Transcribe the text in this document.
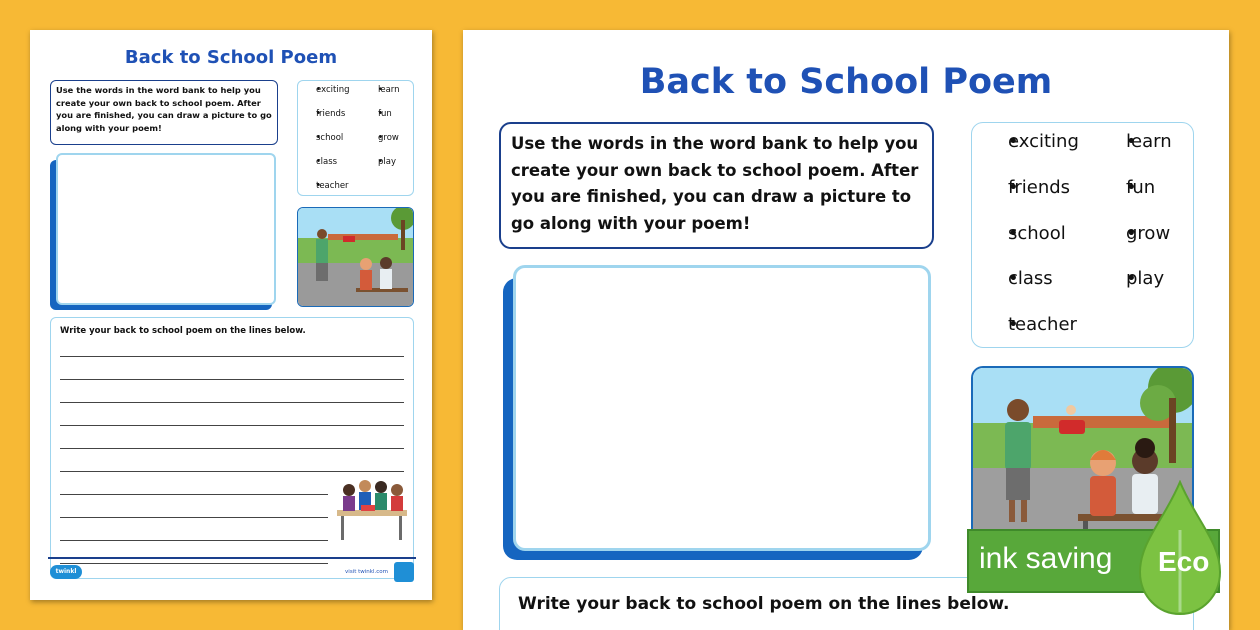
Back to School Poem
Use the words in the word bank to help you create your own back to school poem. After you are finished, you can draw a picture to go along with your poem!
• exciting	• learn
• friends	• fun
• school	• grow
• class	• play
• teacher
Write your back to school poem on the lines below.
twinkl	visit twinkl.com
Back to School Poem
Use the words in the word bank to help you create your own back to school poem. After you are finished, you can draw a picture to go along with your poem!
• exciting	• learn
• friends	• fun
• school	• grow
• class	• play
• teacher
Write your back to school poem on the lines below.
ink saving Eco
